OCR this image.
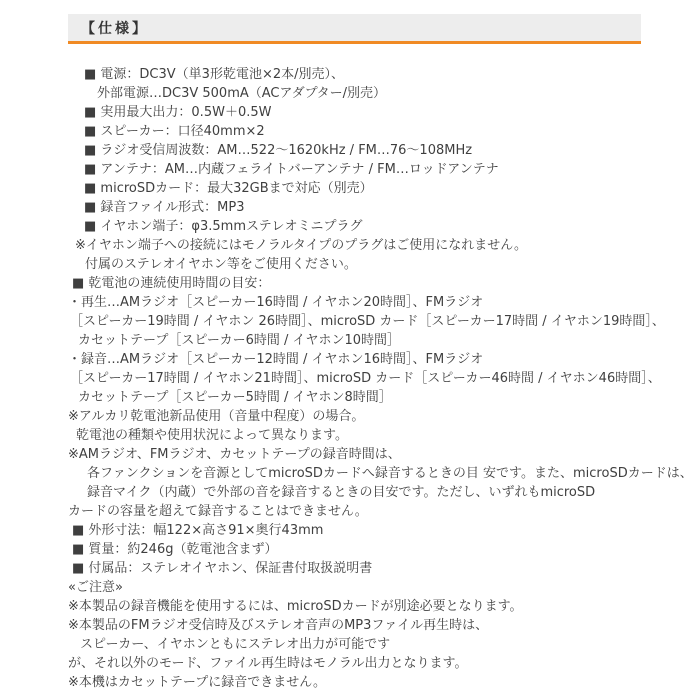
【仕様】
■ 電源：DC3V（単3形乾電池×2本/別売）、
外部電源…DC3V 500mA（ACアダプター/別売）
■ 実用最大出力：0.5W＋0.5W
■ スピーカー：口径40mm×2
■ ラジオ受信周波数：AM…522～1620kHz / FM…76～108MHz
■ アンテナ：AM…内蔵フェライトバーアンテナ / FM…ロッドアンテナ
■ microSDカード：最大32GBまで対応（別売）
■ 録音ファイル形式：MP3
■ イヤホン端子：φ3.5mmステレオミニプラグ
※イヤホン端子への接続にはモノラルタイプのプラグはご使用になれません。
付属のステレオイヤホン等をご使用ください。
■ 乾電池の連続使用時間の目安：
・再生…AMラジオ［スピーカー16時間 / イヤホン20時間］、FMラジオ
［スピーカー19時間 / イヤホン 26時間］、microSD カード［スピーカー17時間 / イヤホン19時間］、
カセットテープ［スピーカー6時間 / イヤホン10時間］
・録音…AMラジオ［スピーカー12時間 / イヤホン16時間］、FMラジオ
［スピーカー17時間 / イヤホン21時間］、microSD カード［スピーカー46時間 / イヤホン46時間］、
カセットテープ［スピーカー5時間 / イヤホン8時間］
※アルカリ乾電池新品使用（音量中程度）の場合。
乾電池の種類や使用状況によって異なります。
※AMラジオ、FMラジオ、カセットテープの録音時間は、
各ファンクションを音源としてmicroSDカードへ録音するときの目 安です。また、microSDカードは、
録音マイク（内蔵）で外部の音を録音するときの目安です。ただし、いずれもmicroSD
カードの容量を超えて録音することはできません。
■ 外形寸法：幅122×高さ91×奥行43mm
■ 質量：約246g（乾電池含まず）
■ 付属品：ステレオイヤホン、保証書付取扱説明書
«ご注意»
※本製品の録音機能を使用するには、microSDカードが別途必要となります。
※本製品のFMラジオ受信時及びステレオ音声のMP3ファイル再生時は、
スピーカー、イヤホンともにステレオ出力が可能です
が、それ以外のモード、ファイル再生時はモノラル出力となります。
※本機はカセットテープに録音できません。
